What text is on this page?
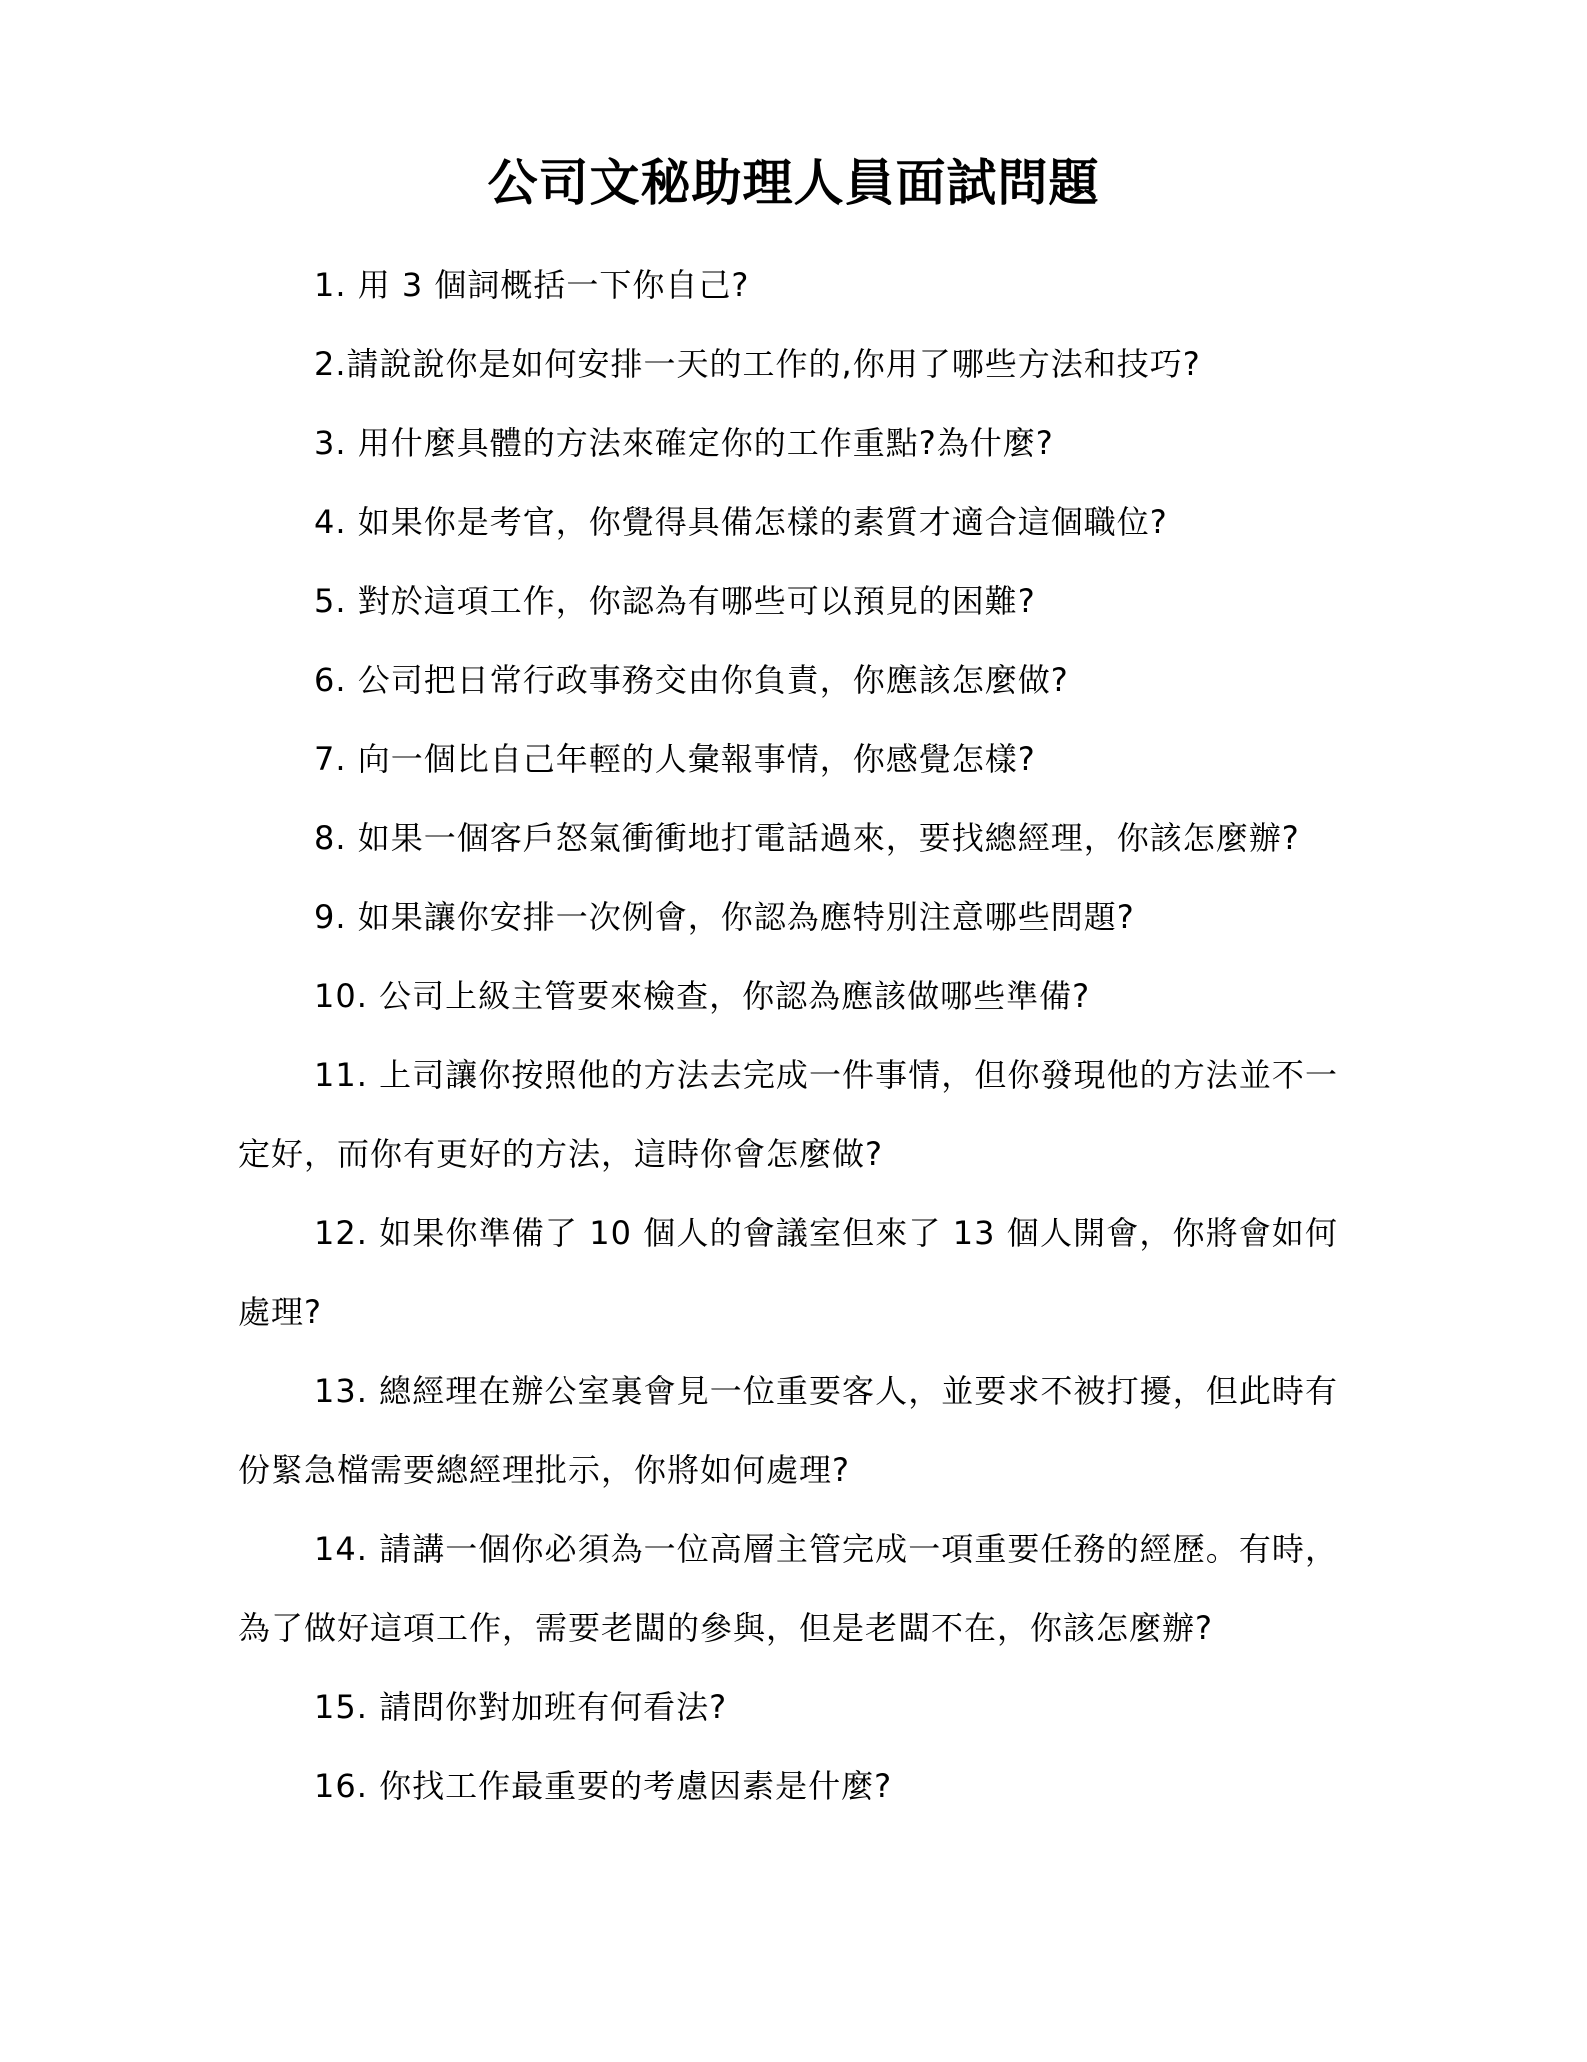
公司文秘助理人員面試問題

1. 用 3 個詞概括一下你自己?

2.請說說你是如何安排一天的工作的,你用了哪些方法和技巧?

3. 用什麼具體的方法來確定你的工作重點?為什麼?

4. 如果你是考官，你覺得具備怎樣的素質才適合這個職位?

5. 對於這項工作，你認為有哪些可以預見的困難?

6. 公司把日常行政事務交由你負責，你應該怎麼做?

7. 向一個比自己年輕的人彙報事情，你感覺怎樣?

8. 如果一個客戶怒氣衝衝地打電話過來，要找總經理，你該怎麼辦?

9. 如果讓你安排一次例會，你認為應特別注意哪些問題?

10. 公司上級主管要來檢查，你認為應該做哪些準備?

11. 上司讓你按照他的方法去完成一件事情，但你發現他的方法並不一定好，而你有更好的方法，這時你會怎麼做?

12. 如果你準備了 10 個人的會議室但來了 13 個人開會，你將會如何處理?

13. 總經理在辦公室裏會見一位重要客人，並要求不被打擾，但此時有份緊急檔需要總經理批示，你將如何處理?

14. 請講一個你必須為一位高層主管完成一項重要任務的經歷。有時，為了做好這項工作，需要老闆的參與，但是老闆不在，你該怎麼辦?

15. 請問你對加班有何看法?

16. 你找工作最重要的考慮因素是什麼?
